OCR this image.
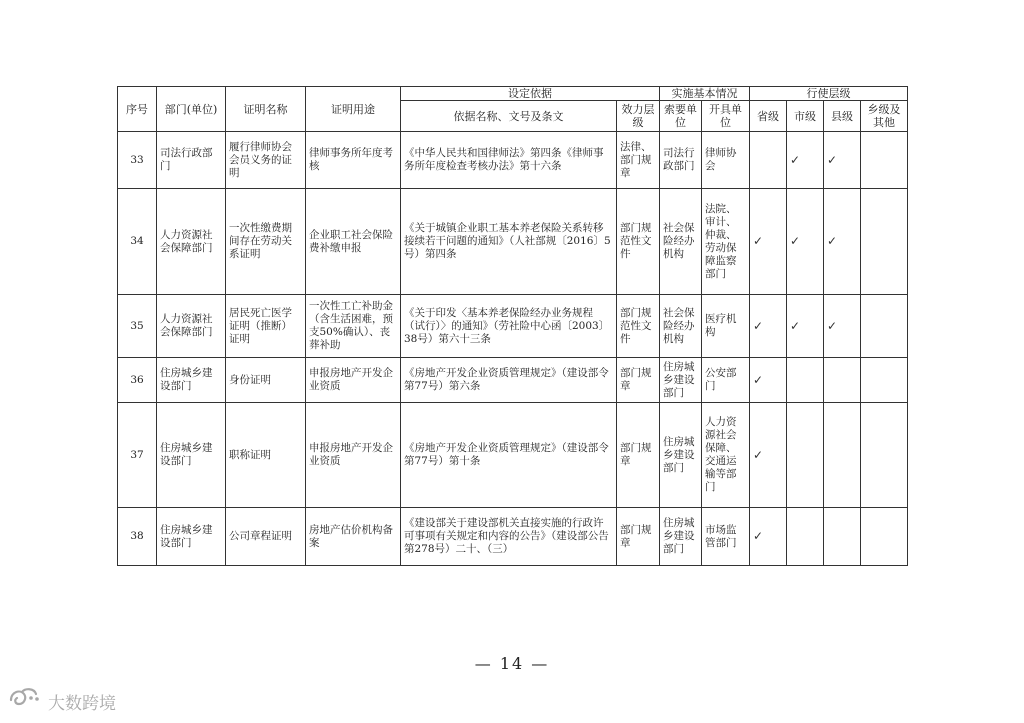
序号	部门(单位)	证明名称	证明用途	设定依据		实施基本情况		行使层级			
				依据名称、文号及条文	效力层级	索要单位	开具单位	省级	市级	县级	乡级及其他
33	司法行政部门	履行律师协会会员义务的证明	律师事务所年度考核	《中华人民共和国律师法》第四条《律师事务所年度检查考核办法》第十六条	法律、部门规章	司法行政部门	律师协会		✓	✓	
34	人力资源社会保障部门	一次性缴费期间存在劳动关系证明	企业职工社会保险费补缴申报	《关于城镇企业职工基本养老保险关系转移接续若干问题的通知》（人社部规〔2016〕5号）第四条	部门规范性文件	社会保险经办机构	法院、审计、仲裁、劳动保障监察部门	✓	✓	✓	
35	人力资源社会保障部门	居民死亡医学证明（推断）证明	一次性工亡补助金（含生活困难，预支50%确认）、丧葬补助	《关于印发〈基本养老保险经办业务规程（试行）〉的通知》（劳社险中心函〔2003〕38号）第六十三条	部门规范性文件	社会保险经办机构	医疗机构	✓	✓	✓	
36	住房城乡建设部门	身份证明	申报房地产开发企业资质	《房地产开发企业资质管理规定》（建设部令第77号）第六条	部门规章	住房城乡建设部门	公安部门	✓			
37	住房城乡建设部门	职称证明	申报房地产开发企业资质	《房地产开发企业资质管理规定》（建设部令第77号）第十条	部门规章	住房城乡建设部门	人力资源社会保障、交通运输等部门	✓			
38	住房城乡建设部门	公司章程证明	房地产估价机构备案	《建设部关于建设部机关直接实施的行政许可事项有关规定和内容的公告》（建设部公告第278号）二十、（三）	部门规章	住房城乡建设部门	市场监管部门	✓			
— 14 —
大数跨境
